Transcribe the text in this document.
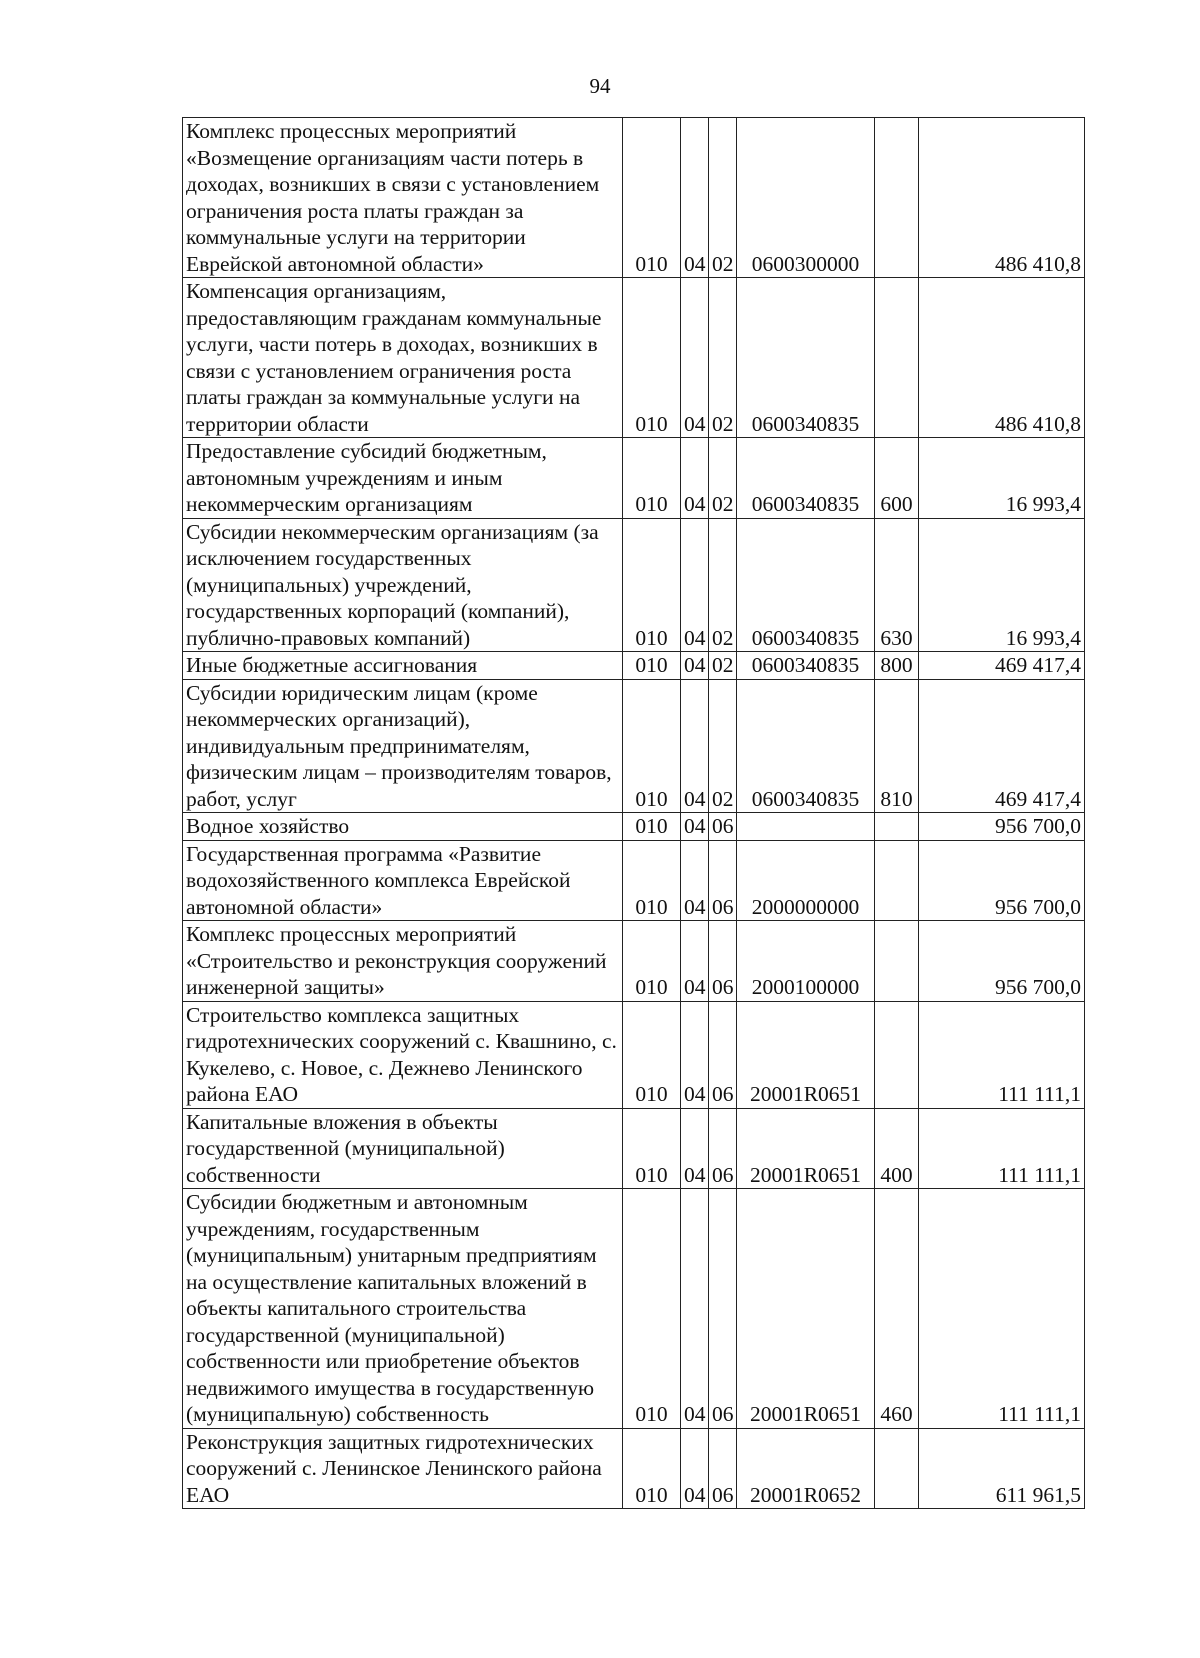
94
Комплекс процессных мероприятий «Возмещение организациям части потерь в доходах, возникших в связи с установлением ограничения роста платы граждан за коммунальные услуги на территории Еврейской автономной области»	010	04	02	0600300000		486 410,8
Компенсация организациям, предоставляющим гражданам коммунальные услуги, части потерь в доходах, возникших в связи с установлением ограничения роста платы граждан за коммунальные услуги на территории области	010	04	02	0600340835		486 410,8
Предоставление субсидий бюджетным, автономным учреждениям и иным некоммерческим организациям	010	04	02	0600340835	600	16 993,4
Субсидии некоммерческим организациям (за исключением государственных (муниципальных) учреждений, государственных корпораций (компаний), публично-правовых компаний)	010	04	02	0600340835	630	16 993,4
Иные бюджетные ассигнования	010	04	02	0600340835	800	469 417,4
Субсидии юридическим лицам (кроме некоммерческих организаций), индивидуальным предпринимателям, физическим лицам – производителям товаров, работ, услуг	010	04	02	0600340835	810	469 417,4
Водное хозяйство	010	04	06			956 700,0
Государственная программа «Развитие водохозяйственного комплекса Еврейской автономной области»	010	04	06	2000000000		956 700,0
Комплекс процессных мероприятий «Строительство и реконструкция сооружений инженерной защиты»	010	04	06	2000100000		956 700,0
Строительство комплекса защитных гидротехнических сооружений с. Квашнино, с. Кукелево, с. Новое, с. Дежнево Ленинского района ЕАО	010	04	06	20001R0651		111 111,1
Капитальные вложения в объекты государственной (муниципальной) собственности	010	04	06	20001R0651	400	111 111,1
Субсидии бюджетным и автономным учреждениям, государственным (муниципальным) унитарным предприятиям на осуществление капитальных вложений в объекты капитального строительства государственной (муниципальной) собственности или приобретение объектов недвижимого имущества в государственную (муниципальную) собственность	010	04	06	20001R0651	460	111 111,1
Реконструкция защитных гидротехнических сооружений с. Ленинское Ленинского района ЕАО	010	04	06	20001R0652		611 961,5
